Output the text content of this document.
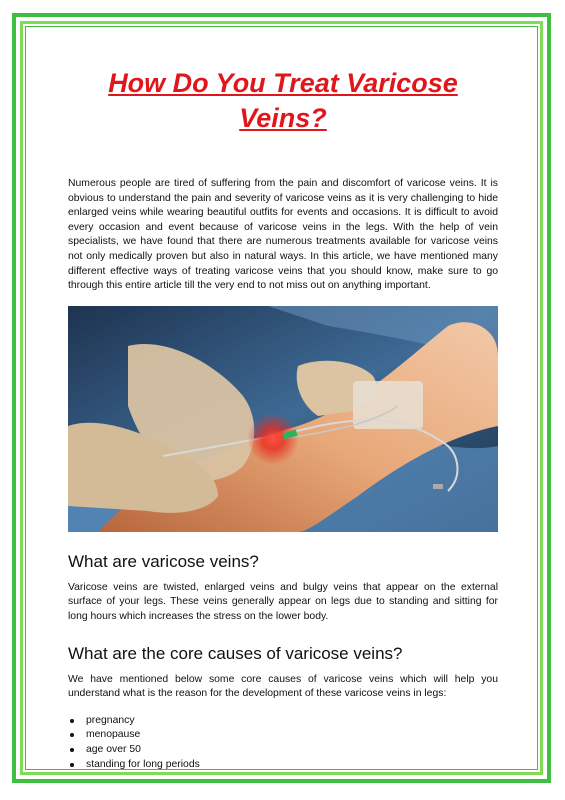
How Do You Treat Varicose Veins?

Numerous people are tired of suffering from the pain and discomfort of varicose veins. It is obvious to understand the pain and severity of varicose veins as it is very challenging to hide enlarged veins while wearing beautiful outfits for events and occasions. It is difficult to avoid every occasion and event because of varicose veins in the legs. With the help of vein specialists, we have found that there are numerous treatments available for varicose veins not only medically proven but also in natural ways. In this article, we have mentioned many different effective ways of treating varicose veins that you should know, make sure to go through this entire article till the very end to not miss out on anything important.

What are varicose veins?

Varicose veins are twisted, enlarged veins and bulgy veins that appear on the external surface of your legs. These veins generally appear on legs due to standing and sitting for long hours which increases the stress on the lower body.

What are the core causes of varicose veins?

We have mentioned below some core causes of varicose veins which will help you understand what is the reason for the development of these varicose veins in legs:

pregnancy
menopause
age over 50
standing for long periods
